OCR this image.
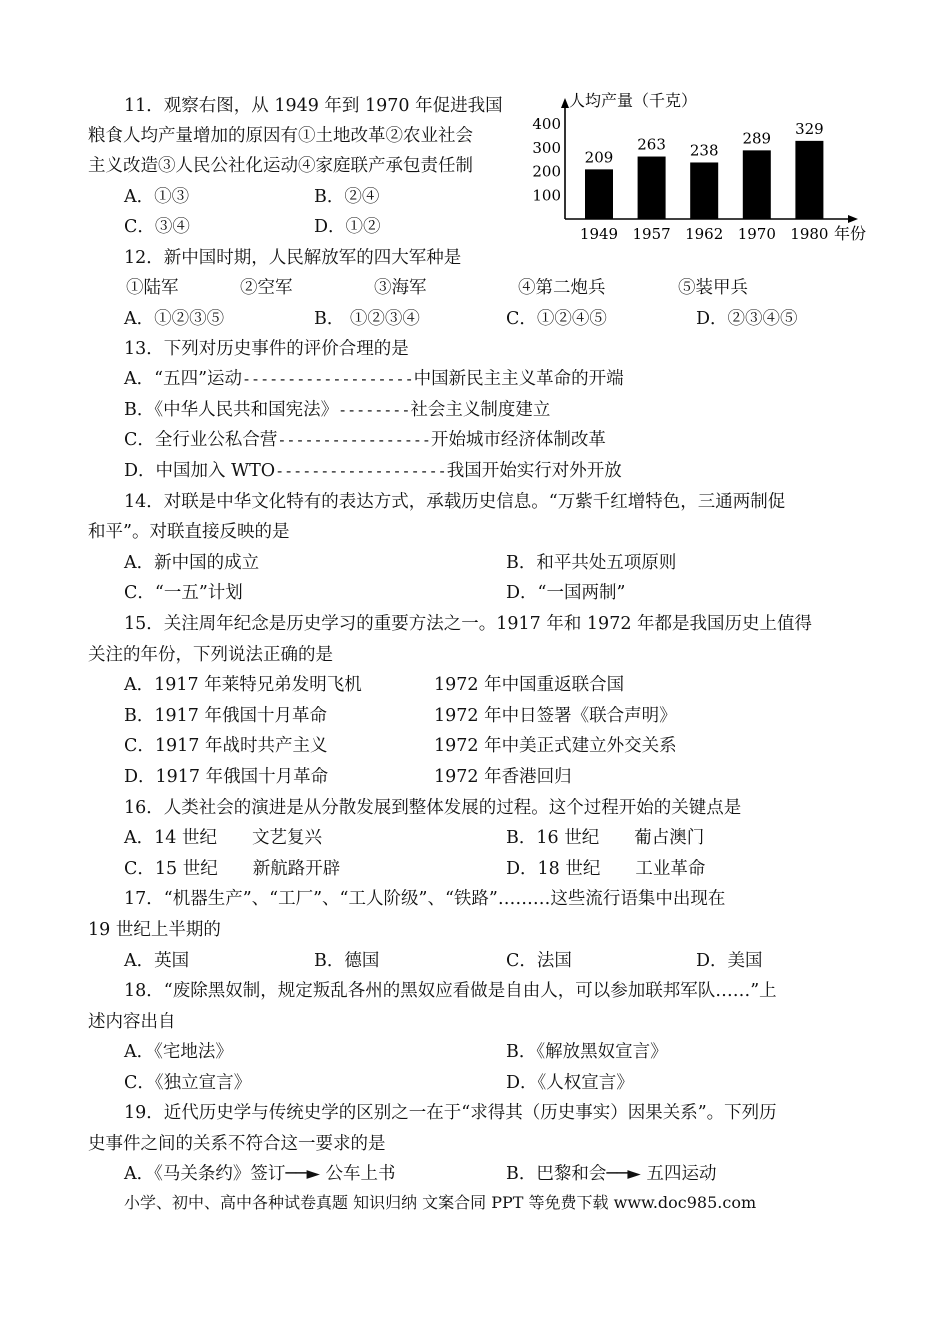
11．观察右图，从 1949 年到 1970 年促进我国
粮食人均产量增加的原因有①土地改革②农业社会
主义改造③人民公社化运动④家庭联产承包责任制
A．①③	B．②④
C．③④	D．①②
人均产量（千克）
100
200
300
400
209
1949
263
1957
238
1962
289
1970
329
1980 年份
12．新中国时期，人民解放军的四大军种是
①陆军	②空军	③海军	④第二炮兵	⑤装甲兵
A．①②③⑤	B． ①②③④	C．①②④⑤	D．②③④⑤
13．下列对历史事件的评价合理的是
A．“五四”运动-------------------中国新民主主义革命的开端
B．《中华人民共和国宪法》--------社会主义制度建立
C．全行业公私合营-----------------开始城市经济体制改革
D．中国加入 WTO-------------------我国开始实行对外开放
14．对联是中华文化特有的表达方式，承载历史信息。“万紫千红增特色，三通两制促
和平”。对联直接反映的是
A．新中国的成立	B．和平共处五项原则
C．“一五”计划	D．“一国两制”
15．关注周年纪念是历史学习的重要方法之一。1917 年和 1972 年都是我国历史上值得
关注的年份，下列说法正确的是
A．1917 年莱特兄弟发明飞机	1972 年中国重返联合国
B．1917 年俄国十月革命	1972 年中日签署《联合声明》
C．1917 年战时共产主义	1972 年中美正式建立外交关系
D．1917 年俄国十月革命	1972 年香港回归
16．人类社会的演进是从分散发展到整体发展的过程。这个过程开始的关键点是
A．14 世纪　　文艺复兴	B．16 世纪　　葡占澳门
C．15 世纪　　新航路开辟	D．18 世纪　　工业革命
17．“机器生产”、“工厂”、“工人阶级”、“铁路”………这些流行语集中出现在
19 世纪上半期的
A．英国	B．德国	C．法国	D．美国
18．“废除黑奴制，规定叛乱各州的黑奴应看做是自由人，可以参加联邦军队……”上
述内容出自
A．《宅地法》	B．《解放黑奴宣言》
C．《独立宣言》	D．《人权宣言》
19．近代历史学与传统史学的区别之一在于“求得其（历史事实）因果关系”。下列历
史事件之间的关系不符合这一要求的是
A．《马关条约》签订──► 公车上书	B．巴黎和会──► 五四运动
小学、初中、高中各种试卷真题 知识归纳 文案合同 PPT 等免费下载 www.doc985.com
